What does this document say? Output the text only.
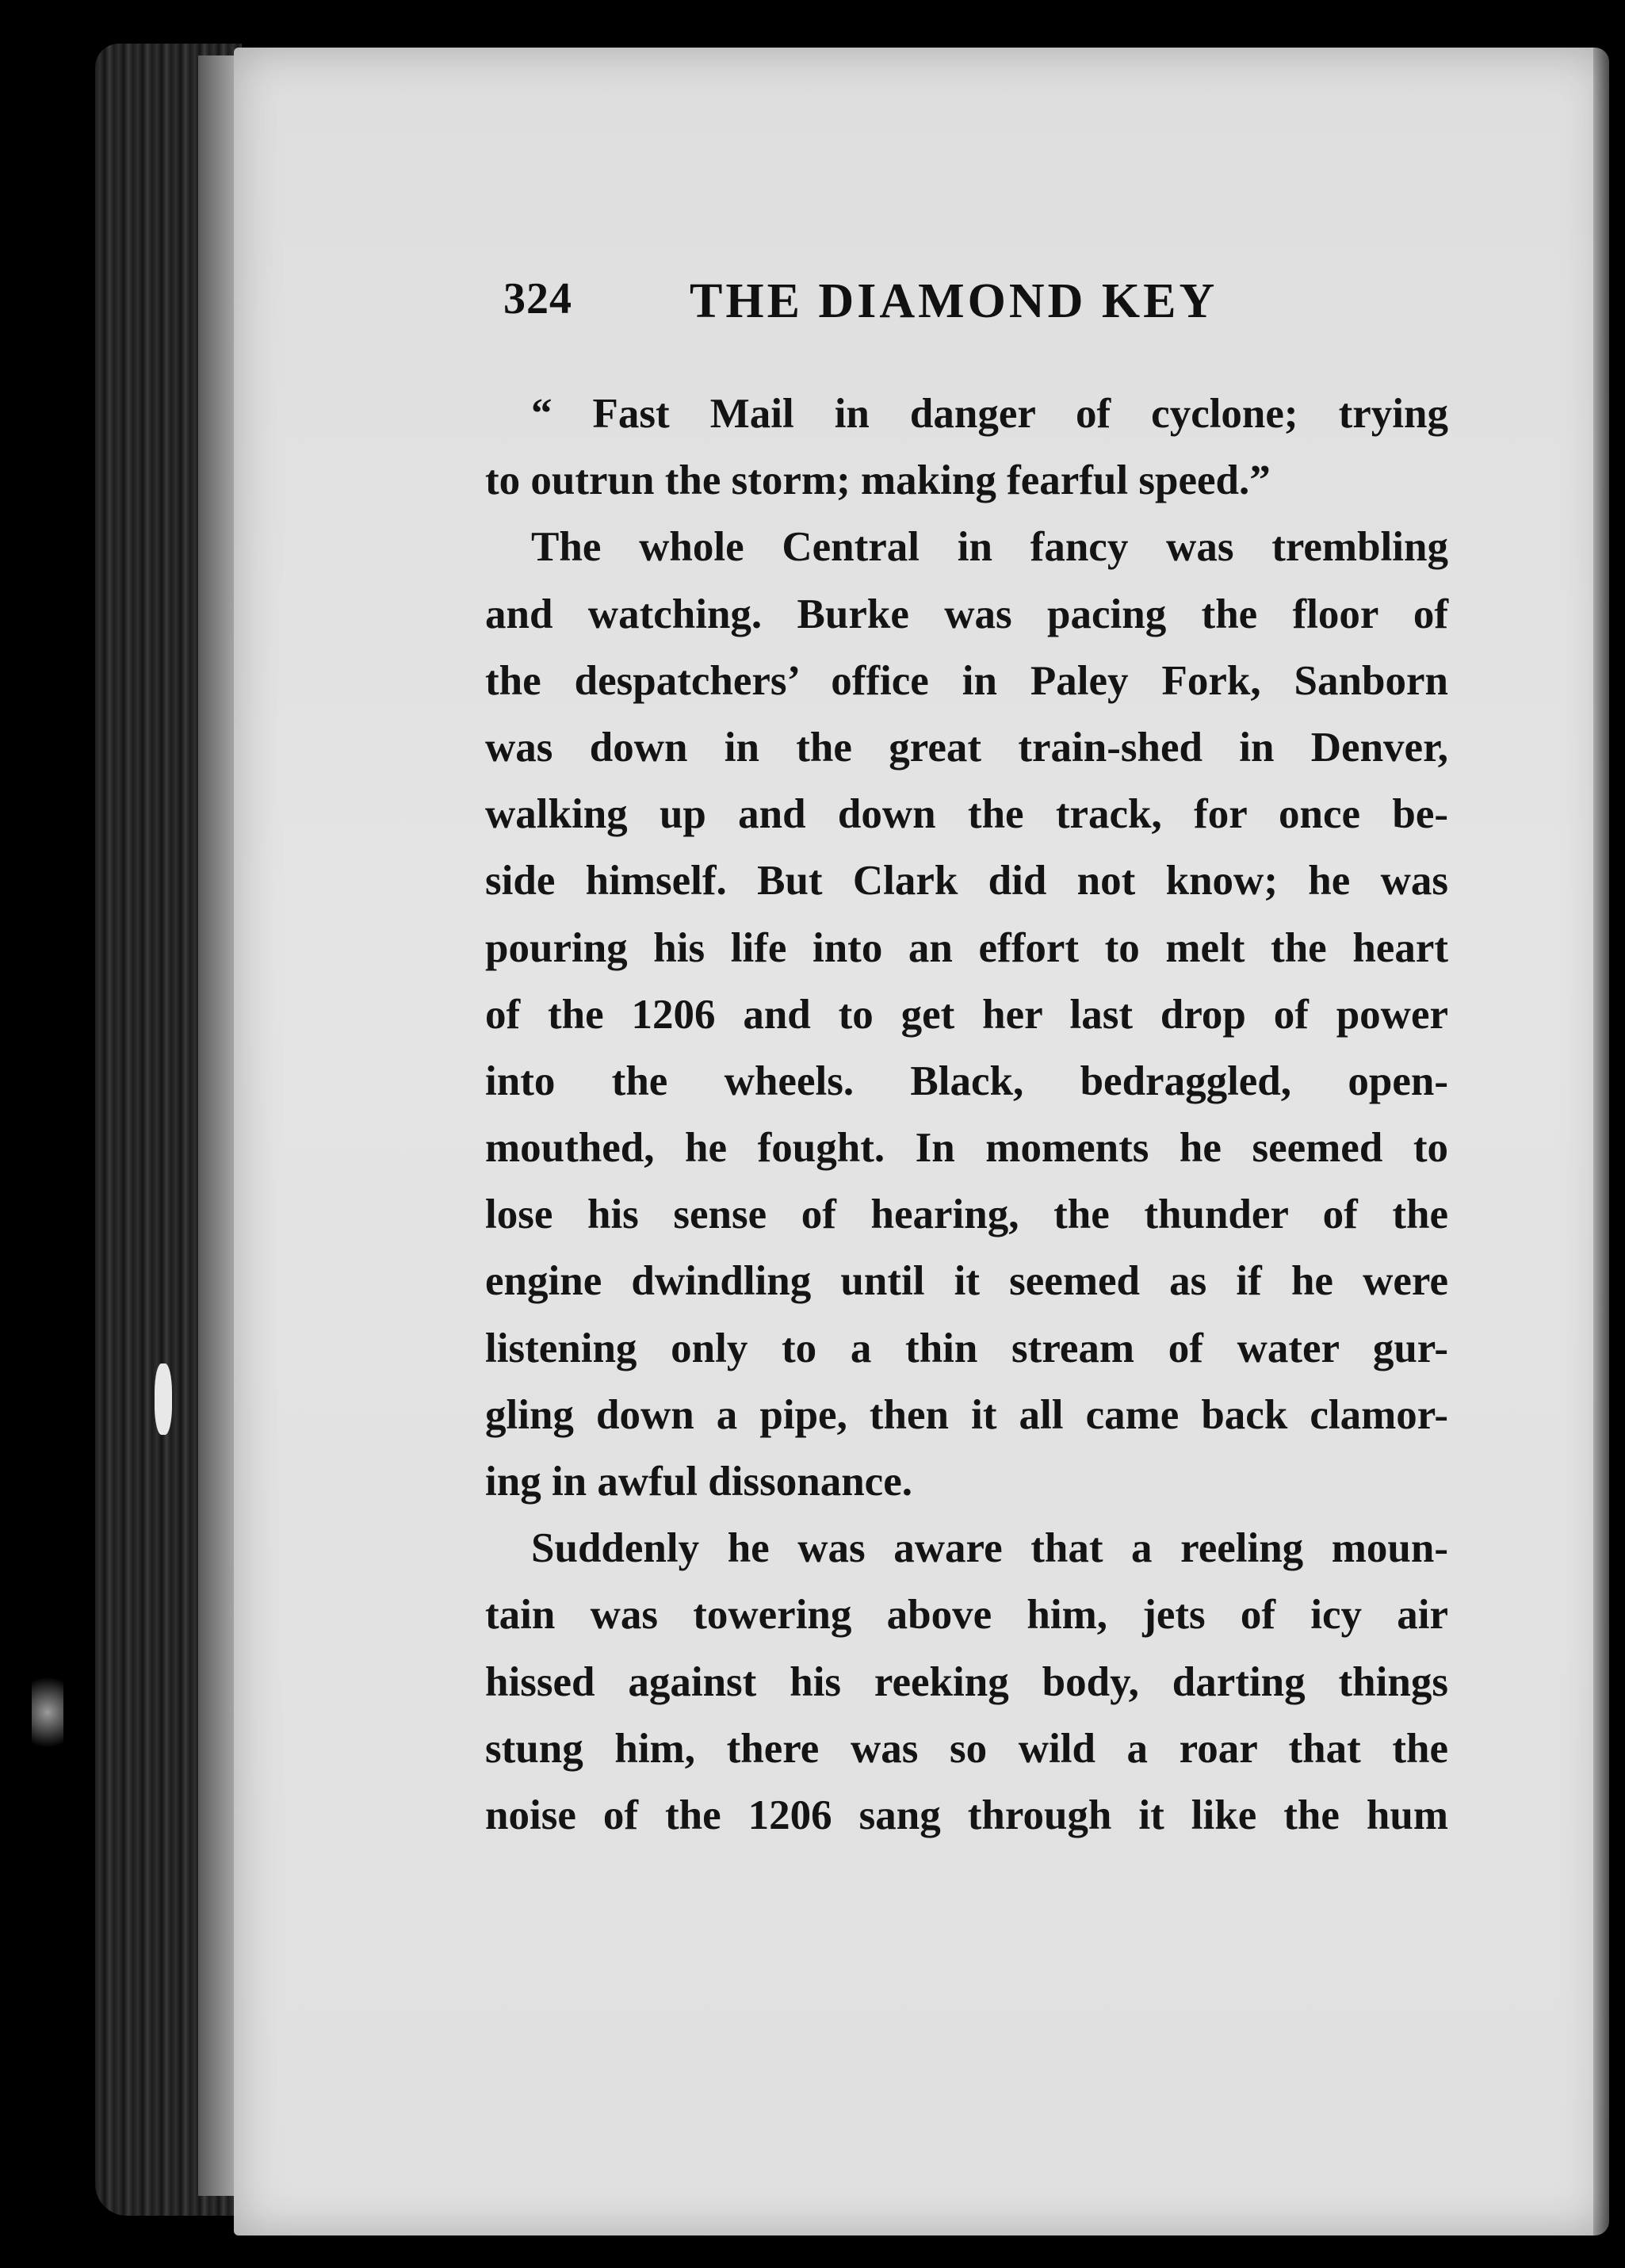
324 THE DIAMOND KEY
“ Fast Mail in danger of cyclone; trying
to outrun the storm; making fearful speed.”
The whole Central in fancy was trembling
and watching. Burke was pacing the floor of
the despatchers’ office in Paley Fork, Sanborn
was down in the great train-shed in Denver,
walking up and down the track, for once be-
side himself. But Clark did not know; he was
pouring his life into an effort to melt the heart
of the 1206 and to get her last drop of power
into the wheels. Black, bedraggled, open-
mouthed, he fought. In moments he seemed to
lose his sense of hearing, the thunder of the
engine dwindling until it seemed as if he were
listening only to a thin stream of water gur-
gling down a pipe, then it all came back clamor-
ing in awful dissonance.
Suddenly he was aware that a reeling moun-
tain was towering above him, jets of icy air
hissed against his reeking body, darting things
stung him, there was so wild a roar that the
noise of the 1206 sang through it like the hum
